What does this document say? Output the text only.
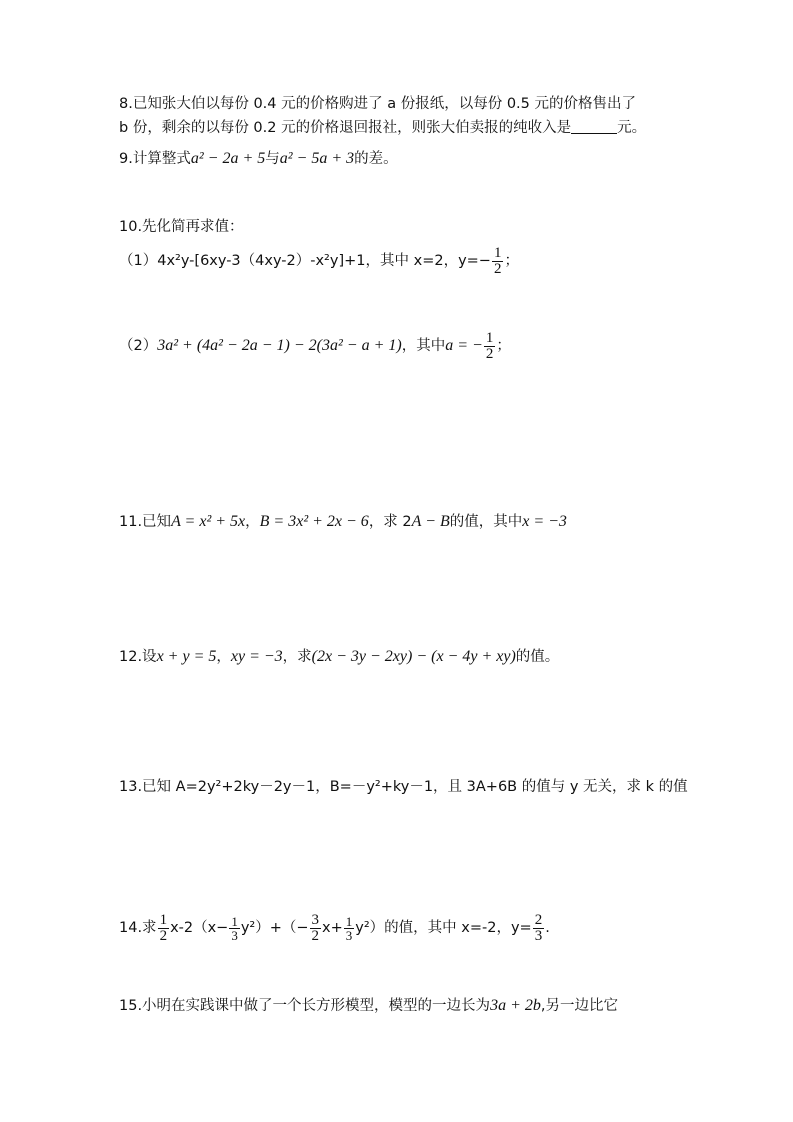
8.已知张大伯以每份 0.4 元的价格购进了 a 份报纸，以每份 0.5 元的价格售出了
b 份，剩余的以每份 0.2 元的价格退回报社，则张大伯卖报的纯收入是	元。
9.计算整式a² − 2a + 5与a² − 5a + 3的差。
10.先化简再求值：
（1）4x²y-[6xy-3（4xy-2）-x²y]+1，其中 x=2，$y=- \frac{1}{2}$ ；
（2）3a² + (4a² − 2a − 1) − 2(3a² − a + 1)，其中a = − $\frac{1}{2}$ ；
11.已知A = x² + 5x，B = 3x² + 2x − 6，求 2A − B的值，其中x = −3
12.设x + y = 5，xy = −3，求(2x − 3y − 2xy) − (x − 4y + xy)的值。
13.已知 A=2y²+2ky－2y－1，B=－y²+ky－1，且 3A+6B 的值与 y 无关，求 k 的值
14.求 $\frac{1}{2} x-2(x- \frac{1}{3} y^2)+(- \frac{3}{2} x+ \frac{1}{3} y^2)$的值，其中 x=-2，$y= \frac{2}{3}$ .
15.小明在实践课中做了一个长方形模型，模型的一边长为3a + 2b,另一边比它
